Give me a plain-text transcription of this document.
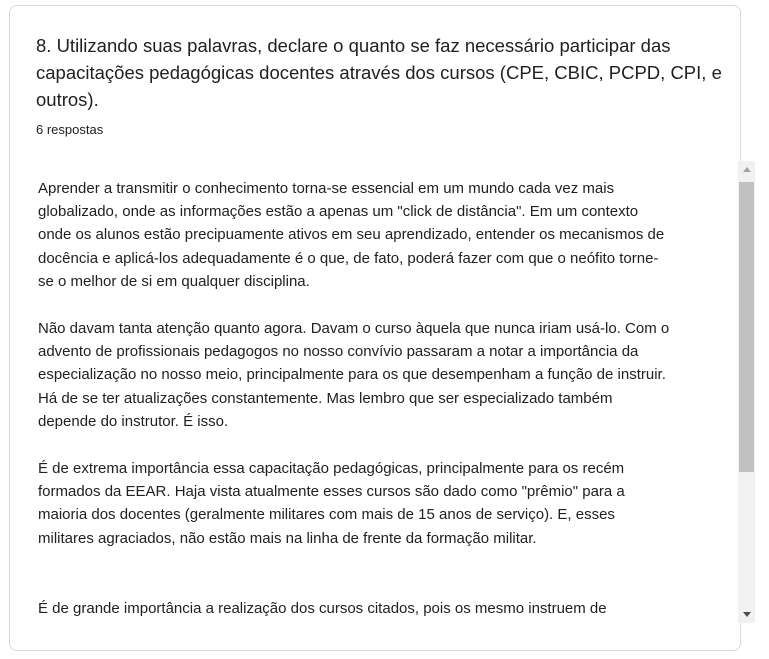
8. Utilizando suas palavras, declare o quanto se faz necessário participar das capacitações pedagógicas docentes através dos cursos (CPE, CBIC, PCPD, CPI, e outros).
6 respostas
Aprender a transmitir o conhecimento torna-se essencial em um mundo cada vez mais globalizado, onde as informações estão a apenas um "click de distância". Em um contexto onde os alunos estão precipuamente ativos em seu aprendizado, entender os mecanismos de docência e aplicá-los adequadamente é o que, de fato, poderá fazer com que o neófito torne-se o melhor de si em qualquer disciplina.
Não davam tanta atenção quanto agora. Davam o curso àquela que nunca iriam usá-lo. Com o advento de profissionais pedagogos no nosso convívio passaram a notar a importância da especialização no nosso meio, principalmente para os que desempenham a função de instruir. Há de se ter atualizações constantemente. Mas lembro que ser especializado também depende do instrutor. É isso.
É de extrema importância essa capacitação pedagógicas, principalmente para os recém formados da EEAR. Haja vista atualmente esses cursos são dado como "prêmio" para a maioria dos docentes (geralmente militares com mais de 15 anos de serviço). E, esses militares agraciados, não estão mais na linha de frente da formação militar.
É de grande importância a realização dos cursos citados, pois os mesmo instruem de
